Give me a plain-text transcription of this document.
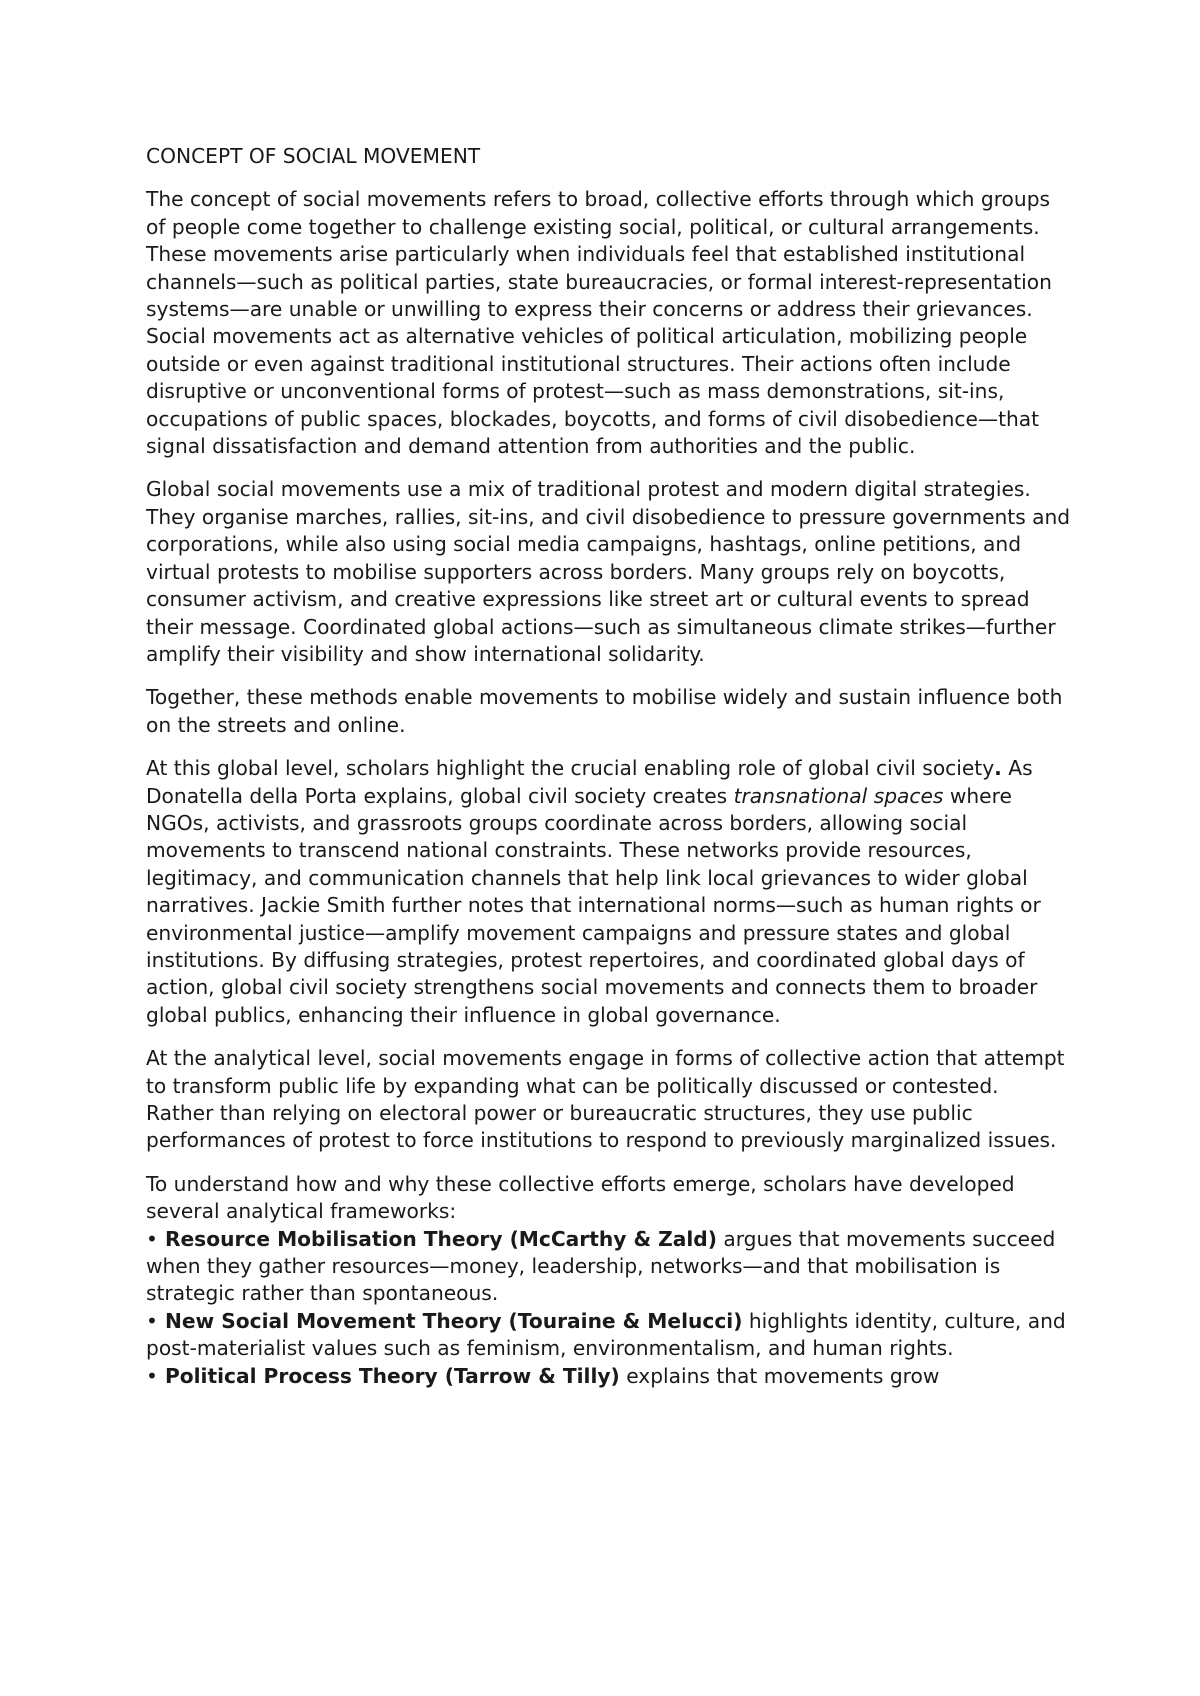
CONCEPT OF SOCIAL MOVEMENT

The concept of social movements refers to broad, collective efforts through which groups of people come together to challenge existing social, political, or cultural arrangements. These movements arise particularly when individuals feel that established institutional channels—such as political parties, state bureaucracies, or formal interest-representation systems—are unable or unwilling to express their concerns or address their grievances. Social movements act as alternative vehicles of political articulation, mobilizing people outside or even against traditional institutional structures. Their actions often include disruptive or unconventional forms of protest—such as mass demonstrations, sit-ins, occupations of public spaces, blockades, boycotts, and forms of civil disobedience—that signal dissatisfaction and demand attention from authorities and the public.

Global social movements use a mix of traditional protest and modern digital strategies. They organise marches, rallies, sit-ins, and civil disobedience to pressure governments and corporations, while also using social media campaigns, hashtags, online petitions, and virtual protests to mobilise supporters across borders. Many groups rely on boycotts, consumer activism, and creative expressions like street art or cultural events to spread their message. Coordinated global actions—such as simultaneous climate strikes—further amplify their visibility and show international solidarity.

Together, these methods enable movements to mobilise widely and sustain influence both on the streets and online.

At this global level, scholars highlight the crucial enabling role of global civil society. As Donatella della Porta explains, global civil society creates transnational spaces where NGOs, activists, and grassroots groups coordinate across borders, allowing social movements to transcend national constraints. These networks provide resources, legitimacy, and communication channels that help link local grievances to wider global narratives. Jackie Smith further notes that international norms—such as human rights or environmental justice—amplify movement campaigns and pressure states and global institutions. By diffusing strategies, protest repertoires, and coordinated global days of action, global civil society strengthens social movements and connects them to broader global publics, enhancing their influence in global governance.

At the analytical level, social movements engage in forms of collective action that attempt to transform public life by expanding what can be politically discussed or contested. Rather than relying on electoral power or bureaucratic structures, they use public performances of protest to force institutions to respond to previously marginalized issues.

To understand how and why these collective efforts emerge, scholars have developed several analytical frameworks:
• Resource Mobilisation Theory (McCarthy & Zald) argues that movements succeed when they gather resources—money, leadership, networks—and that mobilisation is strategic rather than spontaneous.
• New Social Movement Theory (Touraine & Melucci) highlights identity, culture, and post-materialist values such as feminism, environmentalism, and human rights.
• Political Process Theory (Tarrow & Tilly) explains that movements grow
